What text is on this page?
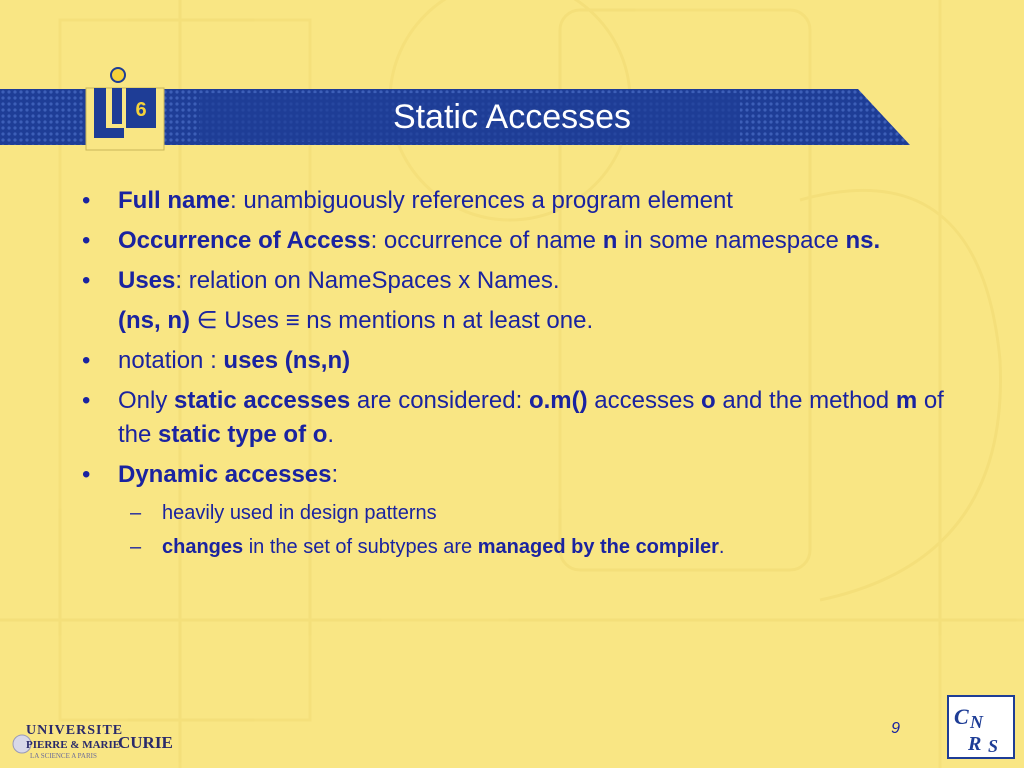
Static Accesses
6
• Full name: unambiguously references a program element
• Occurrence of Access: occurrence of name n in some namespace ns.
• Uses: relation on NameSpaces x Names.
(ns, n) ∈ Uses ≡ ns mentions n at least one.
• notation : uses (ns,n)
• Only static accesses are considered: o.m() accesses o and the method m of the static type of o.
• Dynamic accesses:
– heavily used in design patterns
– changes in the set of subtypes are managed by the compiler.
UNIVERSITE
PIERRE & MARIE
CURIE
LA SCIENCE A PARIS
9 C N
R S
